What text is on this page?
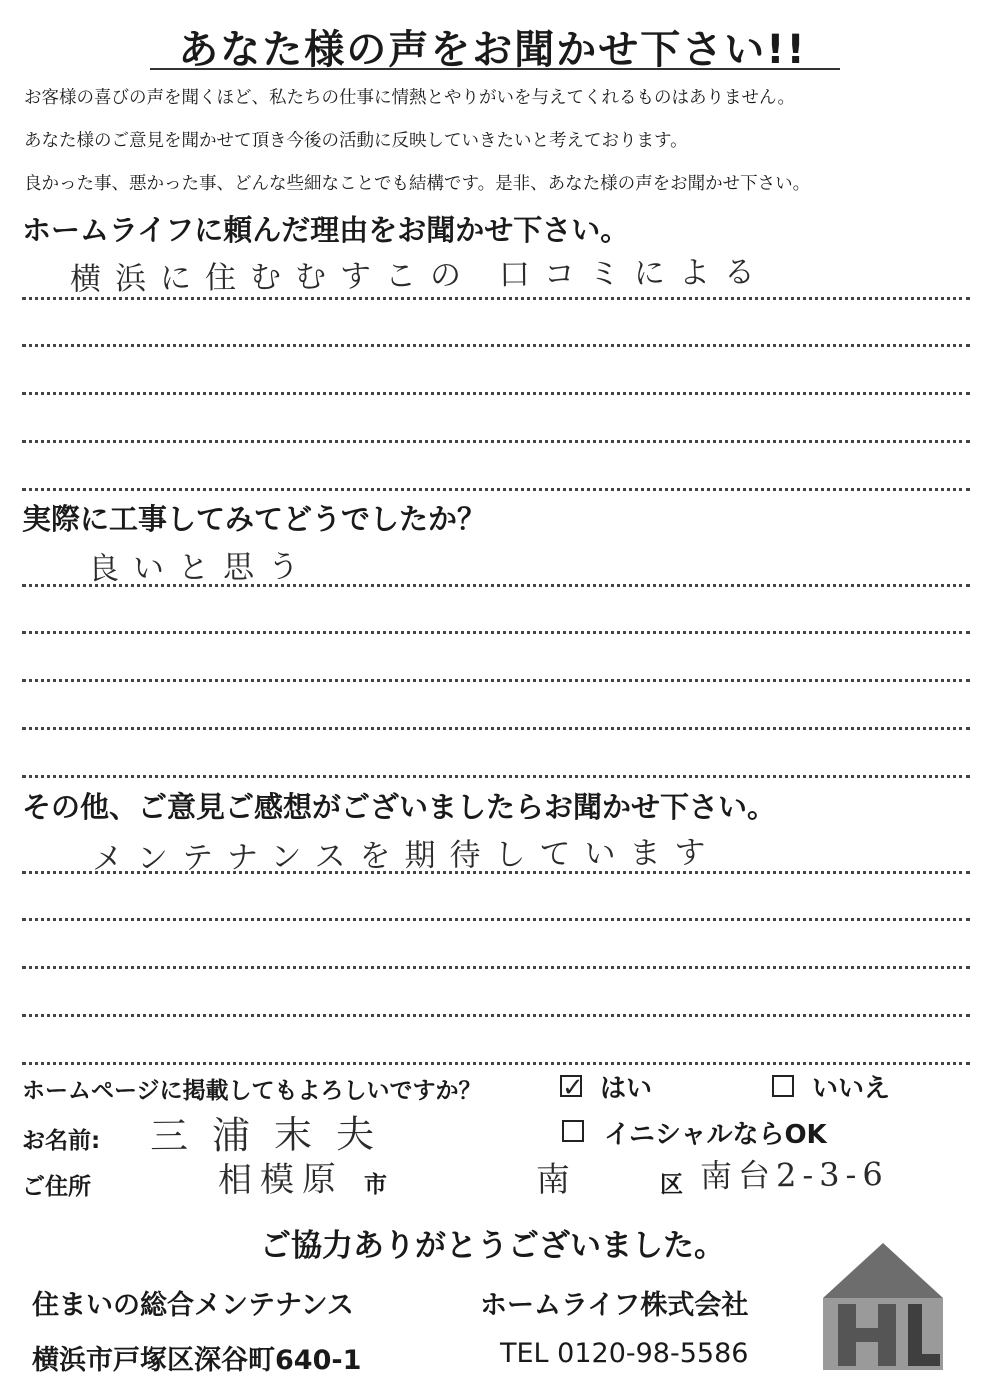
あなた様の声をお聞かせ下さい!!
お客様の喜びの声を聞くほど、私たちの仕事に情熱とやりがいを与えてくれるものはありません。
あなた様のご意見を聞かせて頂き今後の活動に反映していきたいと考えております。
良かった事、悪かった事、どんな些細なことでも結構です。是非、あなた様の声をお聞かせ下さい。
ホームライフに頼んだ理由をお聞かせ下さい。
横浜に住むむすこの 口コミによる
実際に工事してみてどうでしたか？
良いと思う
その他、ご意見ご感想がございましたらお聞かせ下さい。
メンテナンスを期待しています
ホームページに掲載してもよろしいですか？	✓ はい	いいえ
イニシャルならOK
お名前: 三浦末夫
ご住所	相模原 市	南	区 南台2-3-6
ご協力ありがとうございました。
住まいの総合メンテナンス	ホームライフ株式会社
横浜市戸塚区深谷町640-1	TEL 0120-98-5586
